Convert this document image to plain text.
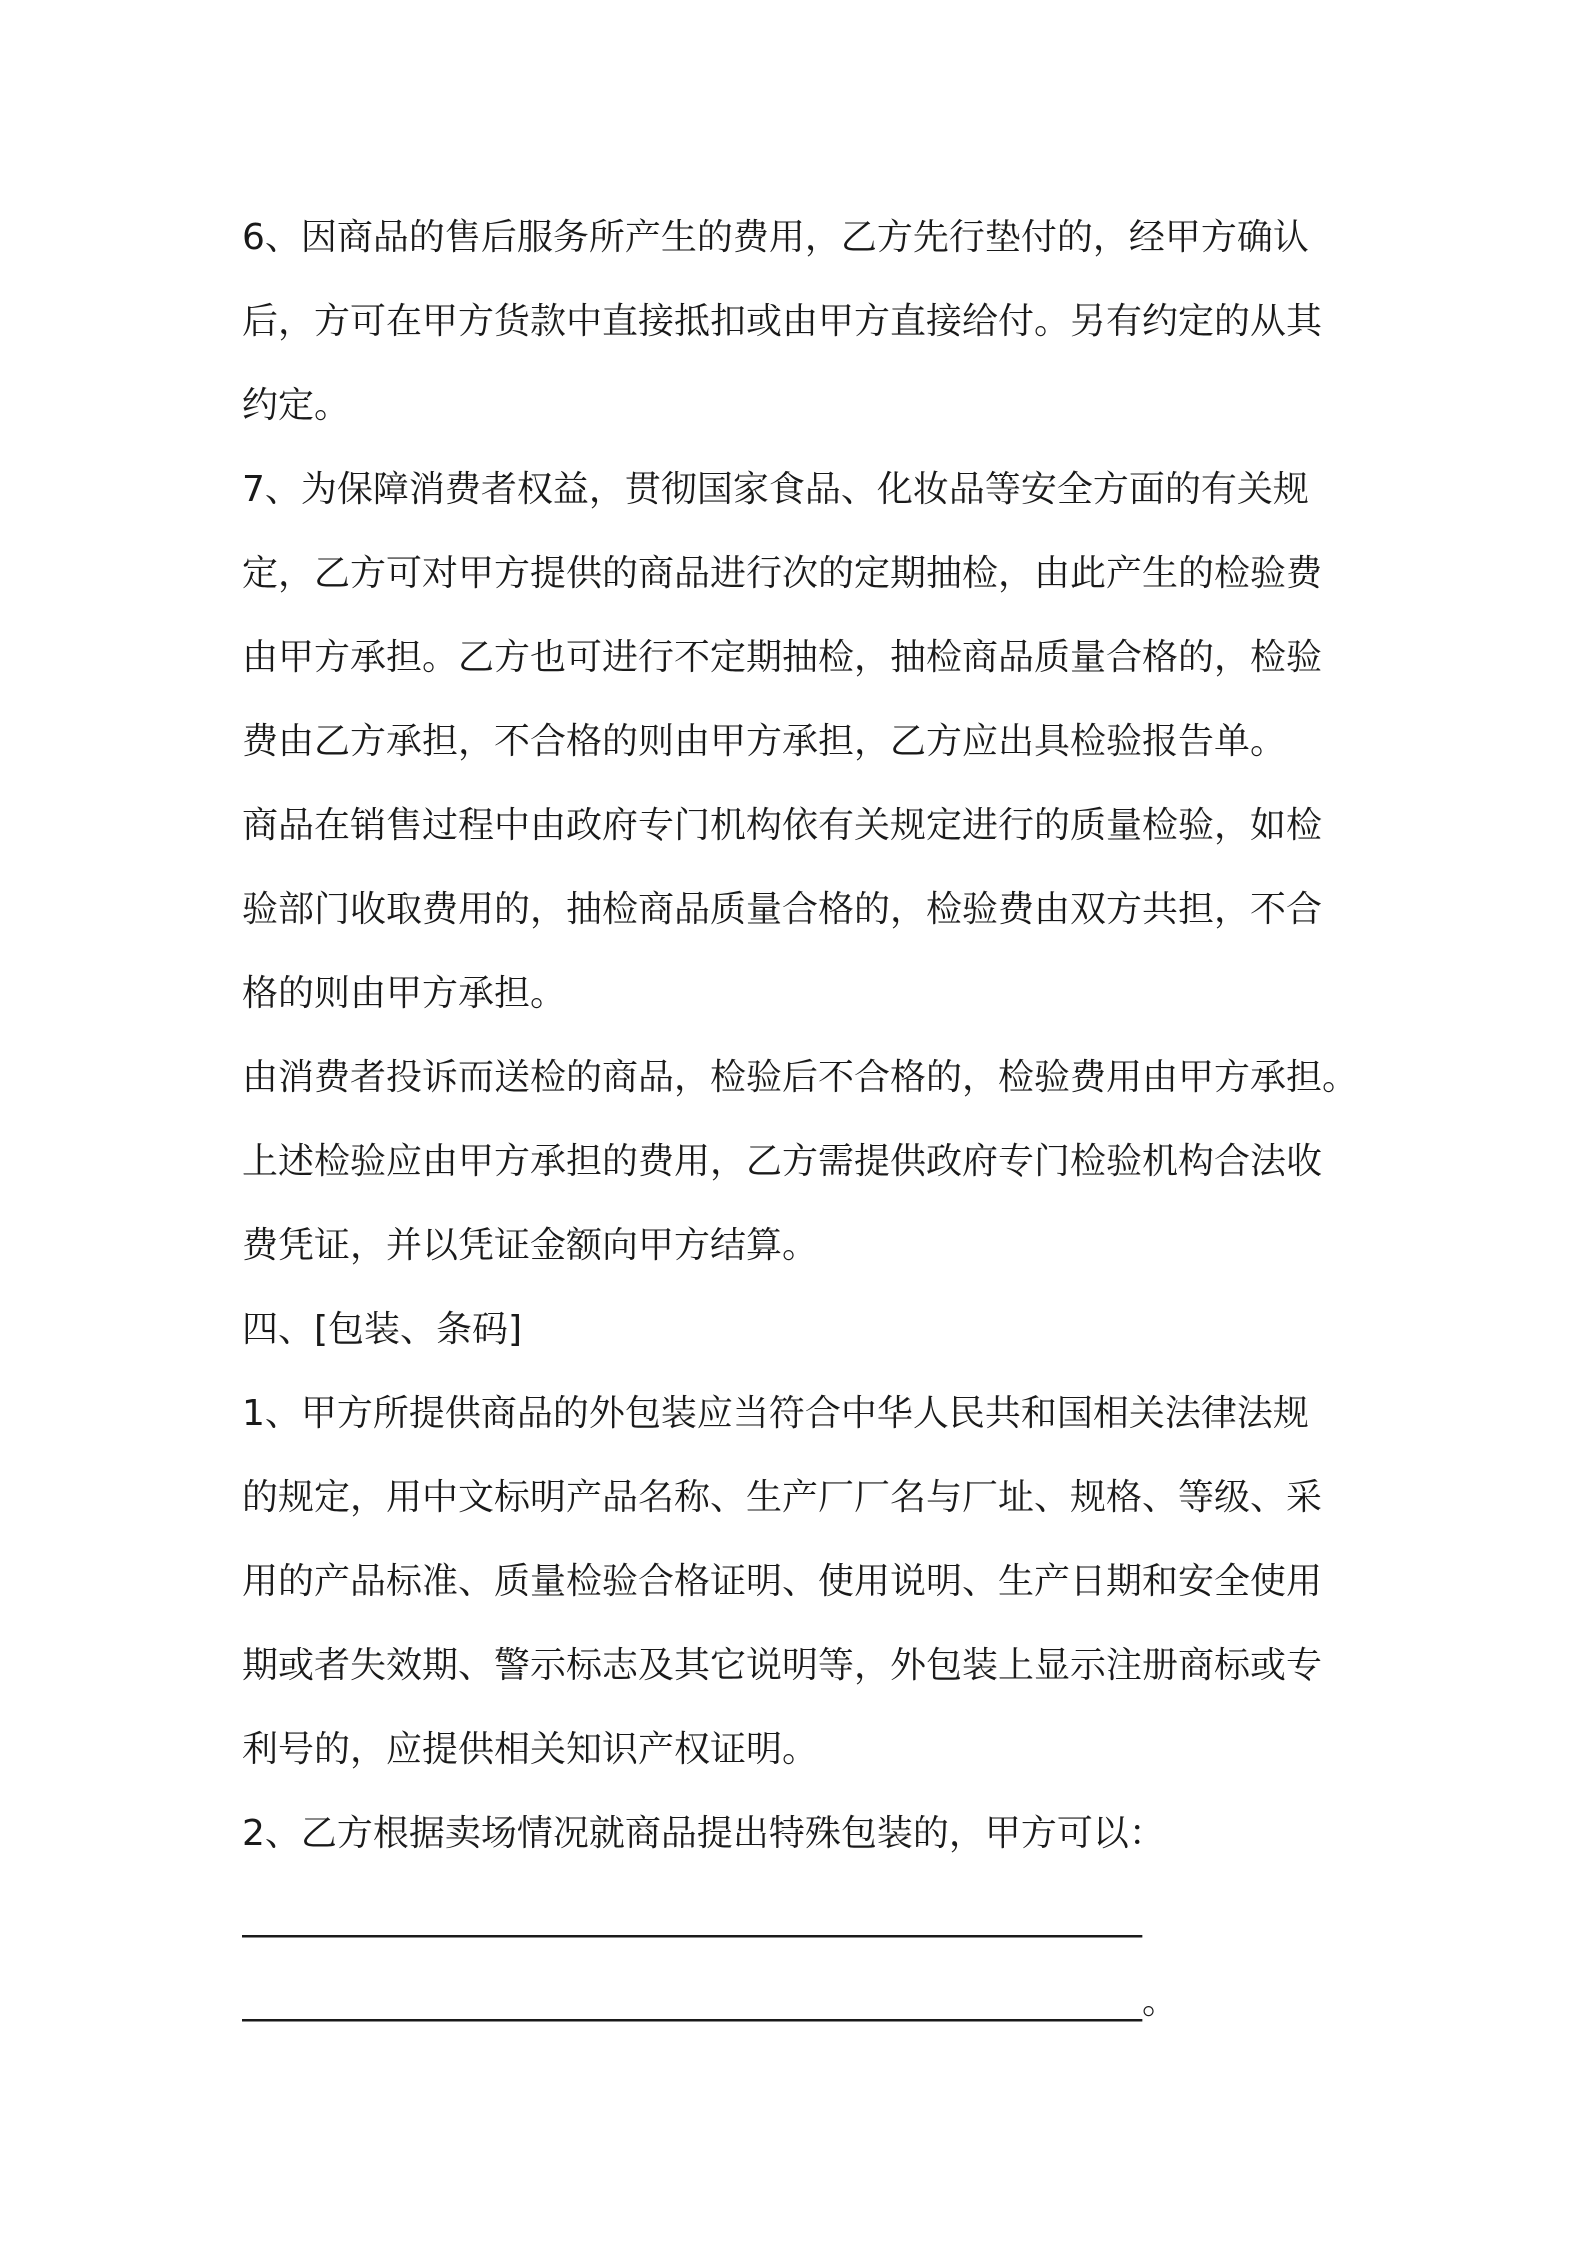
6、因商品的售后服务所产生的费用，乙方先行垫付的，经甲方确认
后，方可在甲方货款中直接抵扣或由甲方直接给付。另有约定的从其
约定。
7、为保障消费者权益，贯彻国家食品、化妆品等安全方面的有关规
定，乙方可对甲方提供的商品进行次的定期抽检，由此产生的检验费
由甲方承担。乙方也可进行不定期抽检，抽检商品质量合格的，检验
费由乙方承担，不合格的则由甲方承担，乙方应出具检验报告单。
商品在销售过程中由政府专门机构依有关规定进行的质量检验，如检
验部门收取费用的，抽检商品质量合格的，检验费由双方共担，不合
格的则由甲方承担。
由消费者投诉而送检的商品，检验后不合格的，检验费用由甲方承担。
上述检验应由甲方承担的费用，乙方需提供政府专门检验机构合法收
费凭证，并以凭证金额向甲方结算。
四、[包装、条码]
1、甲方所提供商品的外包装应当符合中华人民共和国相关法律法规
的规定，用中文标明产品名称、生产厂厂名与厂址、规格、等级、采
用的产品标准、质量检验合格证明、使用说明、生产日期和安全使用
期或者失效期、警示标志及其它说明等，外包装上显示注册商标或专
利号的，应提供相关知识产权证明。
2、乙方根据卖场情况就商品提出特殊包装的，甲方可以：
__________________________________________________
__________________________________________________。
